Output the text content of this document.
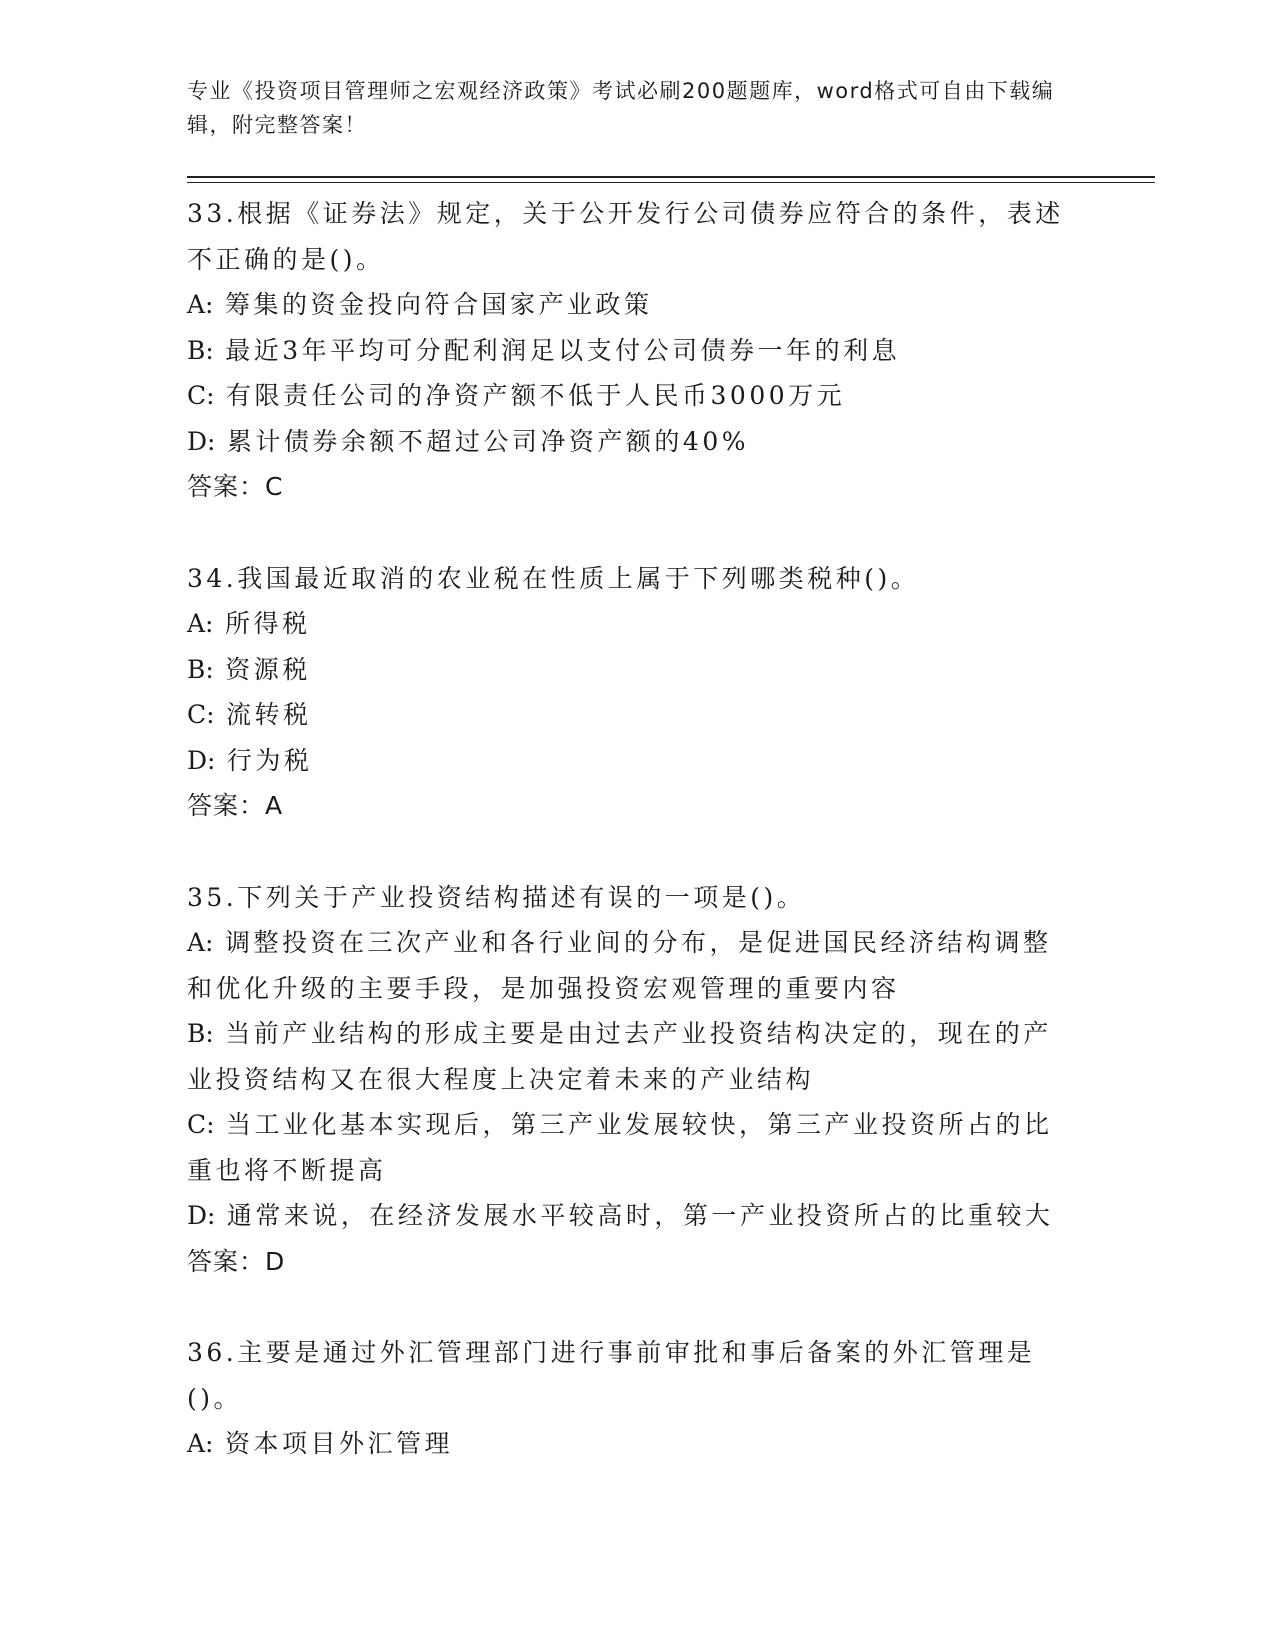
专业《投资项目管理师之宏观经济政策》考试必刷200题题库，word格式可自由下载编辑，附完整答案！

33.根据《证券法》规定，关于公开发行公司债券应符合的条件，表述不正确的是()。

A: 筹集的资金投向符合国家产业政策

B: 最近3年平均可分配利润足以支付公司债券一年的利息

C: 有限责任公司的净资产额不低于人民币3000万元

D: 累计债券余额不超过公司净资产额的40%

答案：C

34.我国最近取消的农业税在性质上属于下列哪类税种()。

A: 所得税

B: 资源税

C: 流转税

D: 行为税

答案：A

35.下列关于产业投资结构描述有误的一项是()。

A: 调整投资在三次产业和各行业间的分布，是促进国民经济结构调整和优化升级的主要手段，是加强投资宏观管理的重要内容

B: 当前产业结构的形成主要是由过去产业投资结构决定的，现在的产业投资结构又在很大程度上决定着未来的产业结构

C: 当工业化基本实现后，第三产业发展较快，第三产业投资所占的比重也将不断提高

D: 通常来说，在经济发展水平较高时，第一产业投资所占的比重较大

答案：D

36.主要是通过外汇管理部门进行事前审批和事后备案的外汇管理是()。

A: 资本项目外汇管理
